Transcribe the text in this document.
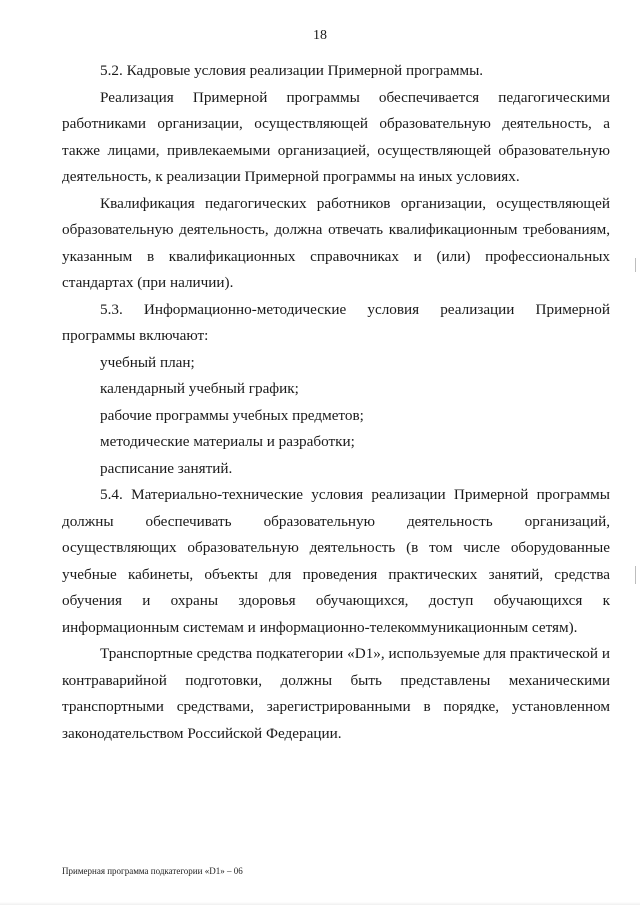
18

5.2. Кадровые условия реализации Примерной программы.

Реализация Примерной программы обеспечивается педагогическими работниками организации, осуществляющей образовательную деятельность, а также лицами, привлекаемыми организацией, осуществляющей образовательную деятельность, к реализации Примерной программы на иных условиях.

Квалификация педагогических работников организации, осуществляющей образовательную деятельность, должна отвечать квалификационным требованиям, указанным в квалификационных справочниках и (или) профессиональных стандартах (при наличии).

5.3. Информационно-методические условия реализации Примерной программы включают:

учебный план;
календарный учебный график;
рабочие программы учебных предметов;
методические материалы и разработки;
расписание занятий.

5.4. Материально-технические условия реализации Примерной программы должны обеспечивать образовательную деятельность организаций, осуществляющих образовательную деятельность (в том числе оборудованные учебные кабинеты, объекты для проведения практических занятий, средства обучения и охраны здоровья обучающихся, доступ обучающихся к информационным системам и информационно-телекоммуникационным сетям).

Транспортные средства подкатегории «D1», используемые для практической и контраварийной подготовки, должны быть представлены механическими транспортными средствами, зарегистрированными в порядке, установленном законодательством Российской Федерации.

Примерная программа подкатегории «D1» – 06
